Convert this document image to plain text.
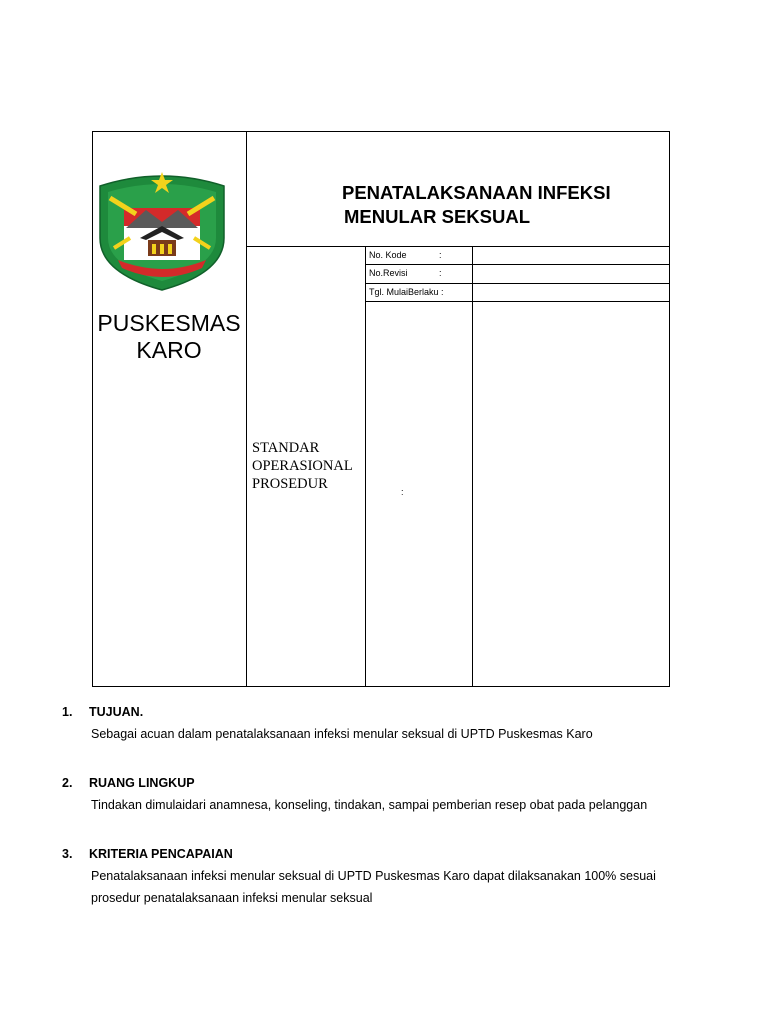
PUSKESMAS
KARO
PENATALAKSANAAN INFEKSI
MENULAR SEKSUAL
STANDAR
OPERASIONAL
PROSEDUR
No. Kode	:
No.Revisi	:
Tgl. MulaiBerlaku :
:
1. TUJUAN.
Sebagai acuan dalam penatalaksanaan infeksi menular seksual di UPTD Puskesmas Karo
2. RUANG LINGKUP
Tindakan dimulaidari anamnesa, konseling, tindakan, sampai pemberian resep obat pada pelanggan
3. KRITERIA PENCAPAIAN
Penatalaksanaan infeksi menular seksual di UPTD Puskesmas Karo dapat dilaksanakan 100% sesuai
prosedur penatalaksanaan infeksi menular seksual
